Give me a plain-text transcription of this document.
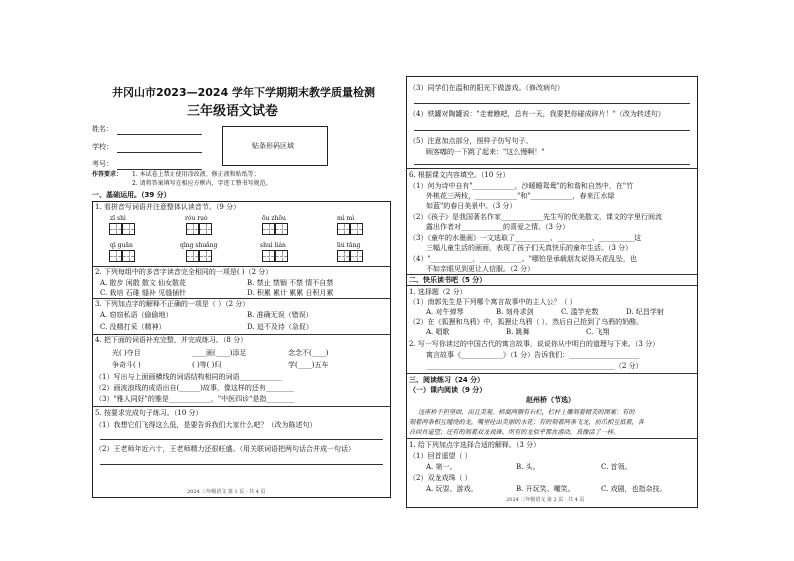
井冈山市2023—2024 学年下学期期末教学质量检测
三年级语文试卷
姓名：
学校：
考号：
贴条形码区域
作答要求： 1. 本试卷上禁止使用涂改液、修正液和贴纸等；
2. 请将答案填写在相应方框内，字迹工整书写规范。
一、基础运用。（39 分）
1. 看拼音写词语并注意整体认读音节。（9 分）
zī shì	róu ruò	ōu zhōu	mì mì
qì guān	qīng shuǎng	shuì lián	liú tāng
2. 下列每组中的多音字读音完全相同的一项是( )（2 分）
A. 散步 闲散 散文 仙女散花	B. 禁止 禁锢 不禁 情不自禁
C. 栽培 石碓 缝补 见缝插针	D. 积累 累计 累累 日积月累
3. 下列加点字的解释不正确的一项是（ ）（2 分）
A. 窃窃私语（偷偷地）	B. 准确无误（错误）
C. 没精打采（精神）	D. 迫不及待（急促）
4. 把下面的词语补充完整，并完成练习。（8 分）
光( )夺目	____画(____)添足	念念不(____)
争奇斗( )	( )等( )归	学(____)五车
（1）写出与上面画横线的词语结构相同的词语____________
（2）画波浪线的成语出自(______)故事，像这样的还有________
（3）"雅人同好"的雅是____________，"中医四诊"是指________
5. 按要求完成句子练习。（10 分）
（1）我想它们飞得这么低，是要告诉我们大家什么吧？（改为陈述句）
（2）王老师年近六十，王老师精力还很旺盛。（用关联词语把两句话合并成一句话）
2024 三年级语文 第 1 页 · 共 4 页
（3）同学们在温和的阳光下做游戏。（修改病句）
（4）铁罐对陶罐说："走着瞧吧，总有一天，我要把你碰成碎片！"（改为转述句）
（5）注意加点部分，照样子仿写句子。
顾客嘟的一下跳了起来："这么慢啊！"
6. 根据课文内容填空。（10 分）
（1）何为诗中自有"____________，沙暖睡鸳鸯"的和谐和自然中，在"竹
外桃花三两枝，____________"和"____________，春来江水绿
如蓝"的春日美景中。（3 分）
（2）《孩子》是我国著名作家____________先生写的优美散文，课文的字里行间流
露出作者对____________的喜爱之情。（3 分）
（3）《童年的水墨画》一文选取了__________、__________、__________这
三幅儿童生活的画面，表现了孩子们天真快乐的童年生活。（3 分）
（4）"____________，____________。"哪怕是承载朋友说得天花乱坠，也
不如亲眼见到更让人信服。（2 分）
二、快乐读书吧（5 分）
1. 选择题（2 分）
（1）南郭先生是下列哪个寓言故事中的主人公？（ ）
A. 对牛弹琴	B. 刻舟求剑	C. 滥竽充数	D. 纪昌学射
（2）在《狐狸和乌鸦》中，狐狸让乌鸦（ ），然后自己抢到了乌鸦的奶酪。
A. 唱歌	B. 跳舞	C. 飞翔
2. 写一写你读过的中国古代的寓言故事，说说你从中明白的道理与下来。（3 分）
寓言故事《____________》（1 分）告诉我们：____________________
______________________________________________________（2 分）
三、阅读练习（24 分）
（一）课内阅读（9 分）
赵州桥（节选）
这座桥不但坚固，而且美观。桥面两侧有石栏，栏杆上雕刻着精美的图案：有的
刻着两条相互缠绕的龙，嘴里吐出美丽的水花；有的刻着两条飞龙，前爪相互抵着，各
自回首遥望；还有的刻着双龙戏珠。所有的龙似乎都在游动，真像活了一样。
1. 给下列加点字选择合适的解释。（3 分）
（1）回首遥望（ ）
A. 第一。	B. 头。	C. 首领。
（2）双龙戏珠（ ）
A. 玩耍、游戏。	B. 开玩笑、嘲笑。	C. 戏剧，也指杂技。
2024 三年级语文 第 2 页 · 共 4 页
